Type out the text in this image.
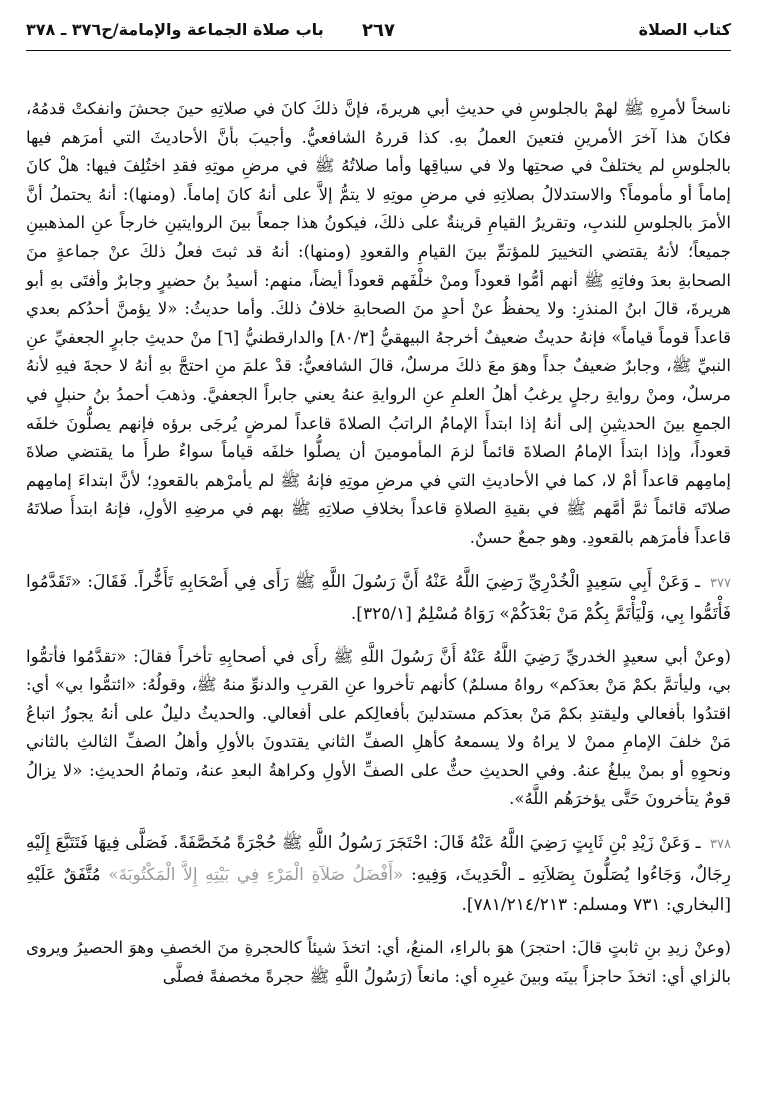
كتاب الصلاة
٢٦٧
باب صلاة الجماعة والإمامة/ح٣٧٦ ـ ٣٧٨

ناسخاً لأمرِهِ ﷺ لهمْ بالجلوسِ في حديثِ أبي هريرةَ، فإنَّ ذلكَ كانَ في صلاتِهِ حينَ جحشَ وانفكتْ قدمُهُ، فكانَ هذا آخرَ الأمرينِ فتعينَ العملُ بهِ. كذا قررهُ الشافعيُّ. وأجيبَ بأنَّ الأحاديثَ التي أمرَهم فيها بالجلوسِ لم يختلفْ في صحتِها ولا في سياقِها وأما صلاتُهُ ﷺ في مرضِ موتِهِ فقدِ اختُلِفَ فيها: هلْ كانَ إماماً أو مأموماً؟ والاستدلالُ بصلاتِهِ في مرضِ موتِهِ لا يتمُّ إلاَّ على أنهُ كانَ إماماً. (ومنها): أنهُ يحتملُ أنَّ الأمرَ بالجلوسِ للندبِ، وتقريرُ القيامِ قرينةٌ على ذلكَ، فيكونُ هذا جمعاً بينَ الروايتينِ خارجاً عنِ المذهبينِ جميعاً؛ لأنهُ يقتضي التخييرَ للمؤتمِّ بينَ القيامِ والقعودِ (ومنها): أنهُ قد ثبتَ فعلُ ذلكَ عنْ جماعةٍ منَ الصحابةِ بعدَ وفاتِهِ ﷺ أنهم أمُّوا قعوداً ومنْ خلْفَهم قعوداً أيضاً، منهم: أسيدُ بنُ حضيرٍ وجابرٌ وأفتَى بهِ أبو هريرةَ، قالَ ابنُ المنذرِ: ولا يحفظُ عنْ أحدٍ منَ الصحابةِ خلافُ ذلكَ. وأما حديثُ: «لا يؤمنَّ أحدُكم بعدي قاعداً قوماً قياماً» فإنهُ حديثٌ ضعيفٌ أخرجهُ البيهقيُّ [٨٠/٣] والدارقطنيُّ [٦] منْ حديثِ جابرٍ الجعفيِّ عنِ النبيِّ ﷺ، وجابرٌ ضعيفٌ جداً وهوَ معَ ذلكَ مرسلٌ، قالَ الشافعيُّ: قدْ علمَ منِ احتجَّ بهِ أنهُ لا حجةَ فيهِ لأنهُ مرسلٌ، ومنْ روايةِ رجلٍ يرغبُ أهلُ العلمِ عنِ الروايةِ عنهُ يعني جابراً الجعفيَّ. وذهبَ أحمدُ بنُ حنبلٍ في الجمعِ بينَ الحديثينِ إلى أنهُ إذا ابتدأَ الإمامُ الراتبُ الصلاةَ قاعداً لمرضٍ يُرجَى برؤه فإنهم يصلُّونَ خلفَه قعوداً، وإذا ابتدأَ الإمامُ الصلاةَ قائماً لزمَ المأمومينَ أن يصلُّوا خلفَه قياماً سواءٌ طرأَ ما يقتضي صلاةَ إمامِهم قاعداً أمْ لا، كما في الأحاديثِ التي في مرضِ موتِهِ فإنهُ ﷺ لم يأمرْهم بالقعودِ؛ لأنَّ ابتداءَ إمامِهم صلاتَه قائماً ثمَّ أمَّهم ﷺ في بقيةِ الصلاةِ قاعداً بخلافِ صلاتِهِ ﷺ بهم في مرضِهِ الأولِ، فإنهُ ابتدأَ صلاتَهُ قاعداً فأمرَهم بالقعودِ. وهو جمعٌ حسنٌ.

٣٧٧ ـ وَعَنْ أَبِي سَعِيدٍ الْخُدْرِيِّ رَضِيَ اللَّهُ عَنْهُ أَنَّ رَسُولَ اللَّهِ ﷺ رَأَى فِي أَصْحَابِهِ تَأَخُّراً. فَقَالَ: «تَقَدَّمُوا فَأْتَمُّوا بِي، وَلْيَأْتَمَّ بِكُمْ مَنْ بَعْدَكُمْ» رَوَاهُ مُسْلِمٌ [٣٢٥/١].

(وعنْ أبي سعيدٍ الخدريِّ رَضِيَ اللَّهُ عَنْهُ أَنَّ رَسُولَ اللَّهِ ﷺ رأَى في أصحابِهِ تأخراً فقالَ: «تقدَّمُوا فأتمُّوا بي، وليأتمَّ بكمْ مَنْ بعدَكم» رواهُ مسلمٌ) كأنهم تأخروا عنِ القربِ والدنوِّ منهُ ﷺ، وقولُهُ: «ائتمُّوا بي» أي: اقتدُوا بأفعالي وليقتدِ بكمْ مَنْ بعدَكم مستدلينَ بأفعالِكم على أفعالي. والحديثُ دليلٌ على أنهُ يجوزُ اتباعُ مَنْ خلفَ الإمامِ ممنْ لا يراهُ ولا يسمعهُ كأهلِ الصفِّ الثاني يقتدونَ بالأولِ وأهلُ الصفِّ الثالثِ بالثاني ونحوِهِ أو بمنْ يبلغُ عنهُ. وفي الحديثِ حثٌّ على الصفِّ الأولِ وكراهةُ البعدِ عنهُ، وتمامُ الحديثِ: «لا يزالُ قومٌ يتأخرونَ حَتَّى يؤخرَهُم اللَّهُ».

٣٧٨ ـ وَعَنْ زَيْدِ بْنِ ثَابِتٍ رَضِيَ اللَّهُ عَنْهُ قَالَ: احْتَجَرَ رَسُولُ اللَّهِ ﷺ حُجْرَةً مُخَصَّفَةً. فَصَلَّى فِيهَا فَتَتَبَّعَ إِلَيْهِ رِجَالٌ، وَجَاءُوا يُصَلُّونَ بِصَلاَتِهِ ـ الْحَدِيثَ، وَفِيهِ: «أَفْضَلُ صَلاَةِ الْمَرْءِ فِي بَيْتِهِ إِلاَّ الْمَكْتُوبَةَ» مُتَّفَقٌ عَلَيْهِ [البخاري: ٧٣١ ومسلم: ٧٨١/٢١٤/٢١٣].

(وعنْ زيدِ بنِ ثابتٍ قالَ: احتجرَ) هوَ بالراءِ، المنعُ، أي: اتخذَ شيئاً كالحجرةِ منَ الخصفِ وهوَ الحصيرُ ويروى بالزاي أي: اتخذَ حاجزاً بينَه وبينَ غيرِه أي: مانعاً (رَسُولُ اللَّهِ ﷺ حجرةً مخصفةً فصلَّى
